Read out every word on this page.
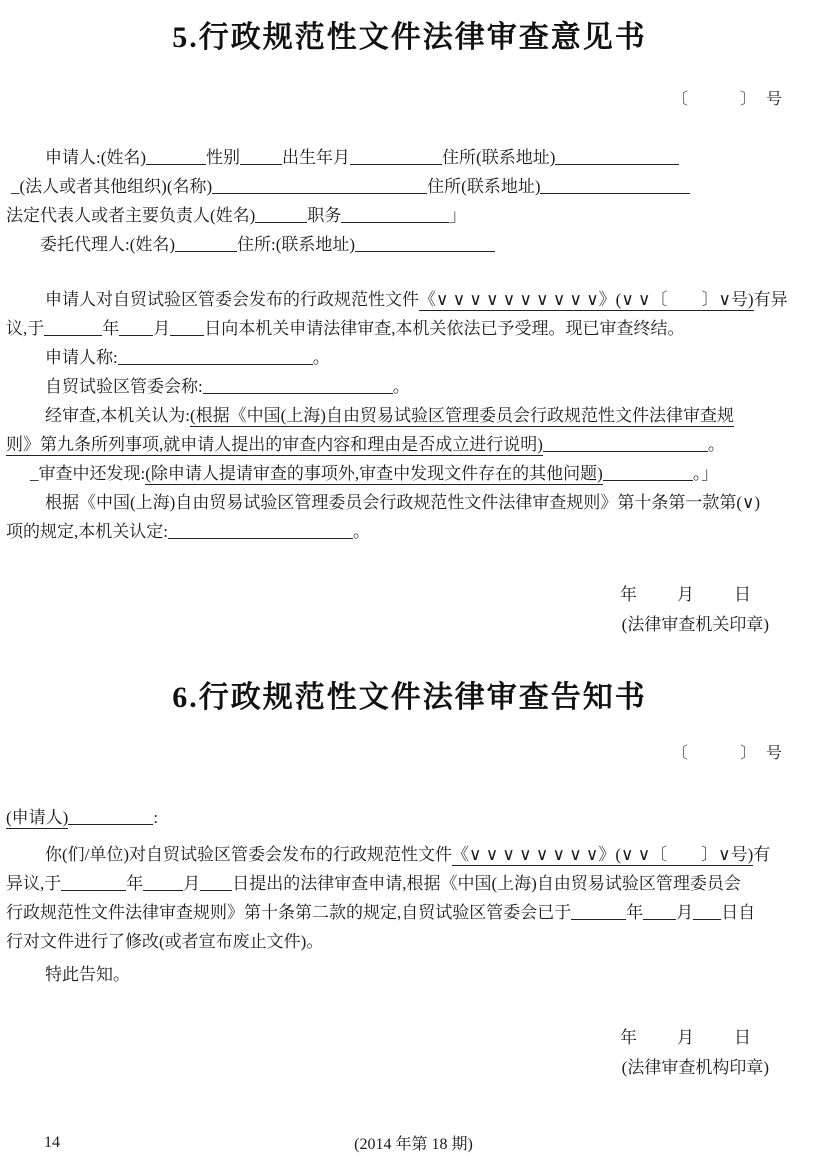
5.行政规范性文件法律审查意见书
〔　　　〕　号
申请人:(姓名)	性别 出生年月	住所(联系地址)
_(法人或者其他组织)(名称)	住所(联系地址)
法定代表人或者主要负责人(姓名)	职务	」
委托代理人:(姓名)	住所:(联系地址)
申请人对自贸试验区管委会发布的行政规范性文件《∨ ∨ ∨ ∨ ∨ ∨ ∨ ∨ ∨ ∨》(∨ ∨〔　　〕∨号)有异
议,于	年 月 日向本机关申请法律审查,本机关依法已予受理。现已审查终结。
申请人称:	。
自贸试验区管委会称:	。
经审查,本机关认为:(根据《中国(上海)自由贸易试验区管理委员会行政规范性文件法律审查规
则》第九条所列事项,就申请人提出的审查内容和理由是否成立进行说明)	。
_审查中还发现:(除申请人提请审查的事项外,审查中发现文件存在的其他问题)	。」
根据《中国(上海)自由贸易试验区管理委员会行政规范性文件法律审查规则》第十条第一款第(∨)
项的规定,本机关认定:	。
年　　月　　日
(法律审查机关印章)
6.行政规范性文件法律审查告知书
〔　　　〕　号
(申请人)	:
你(们/单位)对自贸试验区管委会发布的行政规范性文件《∨ ∨ ∨ ∨ ∨ ∨ ∨ ∨》(∨ ∨〔　　〕∨号)有
异议,于	年 月 日提出的法律审查申请,根据《中国(上海)自由贸易试验区管理委员会
行政规范性文件法律审查规则》第十条第二款的规定,自贸试验区管委会已于	年 月 日自
行对文件进行了修改(或者宣布废止文件)。
特此告知。
年　　月　　日
(法律审查机构印章)
14	(2014 年第 18 期)
